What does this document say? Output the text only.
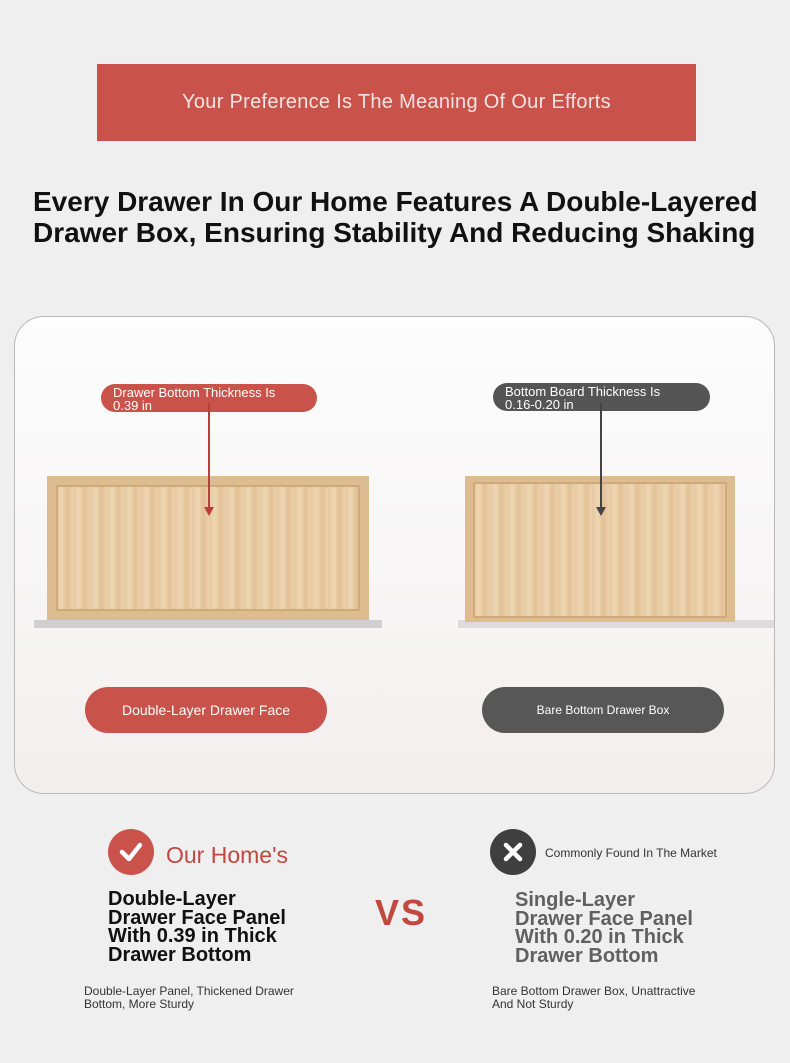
Your Preference Is The Meaning Of Our Efforts
Every Drawer In Our Home Features A Double-Layered
Drawer Box, Ensuring Stability And Reducing Shaking
Drawer Bottom Thickness Is
0.39 in
Bottom Board Thickness Is
0.16-0.20 in
Double-Layer Drawer Face	Bare Bottom Drawer Box
Our Home's	Commonly Found In The Market
VS
Double-Layer
Drawer Face Panel
With 0.39 in Thick
Drawer Bottom
Single-Layer
Drawer Face Panel
With 0.20 in Thick
Drawer Bottom
Double-Layer Panel, Thickened Drawer
Bottom, More Sturdy
Bare Bottom Drawer Box, Unattractive
And Not Sturdy
